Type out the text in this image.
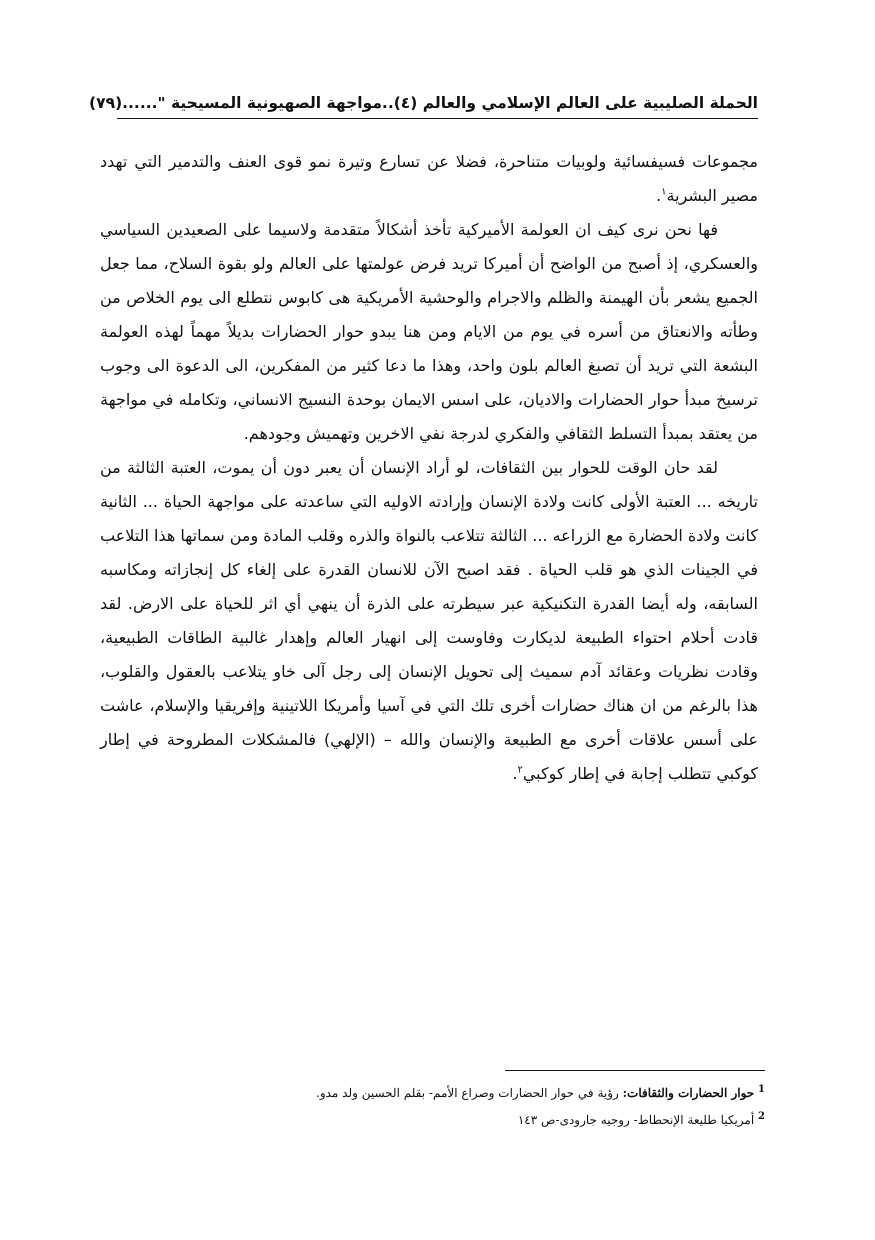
الحملة الصليبية على العالم الإسلامي والعالم (٤)..مواجهة الصهيونية المسيحية "......
(٧٩)

مجموعات فسيفسائية ولوبيات متناحرة، فضلا عن تسارع وتيرة نمو قوى العنف والتدمير التي تهدد مصير البشرية$^١$.

فها نحن نرى كيف ان العولمة الأميركية تأخذ أشكالاً متقدمة ولاسيما على الصعيدين السياسي والعسكري، إذ أصبح من الواضح أن أميركا تريد فرض عولمتها على العالم ولو بقوة السلاح، مما جعل الجميع يشعر بأن الهيمنة والظلم والاجرام والوحشية الأمريكية هى كابوس نتطلع الى يوم الخلاص من وطأته والانعتاق من أسره في يوم من الايام ومن هنا يبدو حوار الحضارات بديلاً مهماً لهذه العولمة البشعة التي تريد أن تصبغ العالم بلون واحد، وهذا ما دعا كثير من المفكرين، الى الدعوة الى وجوب ترسيخ مبدأ حوار الحضارات والاديان، على اسس الايمان بوحدة النسيج الانساني، وتكامله في مواجهة من يعتقد بمبدأ التسلط الثقافي والفكري لدرجة نفي الاخرين وتهميش وجودهم.

لقد حان الوقت للحوار بين الثقافات، لو أراد الإنسان أن يعبر دون أن يموت، العتبة الثالثة من تاريخه ... العتبة الأولى كانت ولادة الإنسان وإرادته الاوليه التي ساعدته على مواجهة الحياة ... الثانية كانت ولادة الحضارة مع الزراعه ... الثالثة تتلاعب بالنواة والذره وقلب المادة ومن سماتها هذا التلاعب في الجينات الذي هو قلب الحياة . فقد اصبح الآن للانسان القدرة على إلغاء كل إنجازاته ومكاسبه السابقه، وله أيضا القدرة التكنيكية عبر سيطرته على الذرة أن ينهي أي اثر للحياة على الارض. لقد قادت أحلام احتواء الطبيعة لديكارت وفاوست إلى انهيار العالم وإهدار غالبية الطاقات الطبيعية، وقادت نظريات وعقائد آدم سميث إلى تحويل الإنسان إلى رجل آلى خاو يتلاعب بالعقول والقلوب، هذا بالرغم من ان هناك حضارات أخرى تلك التي في آسيا وأمريكا اللاتينية وإفريقيا والإسلام، عاشت على أسس علاقات أخرى مع الطبيعة والإنسان والله – (الإلهي) فالمشكلات المطروحة في إطار كوكبي تتطلب إجابة في إطار كوكبي$^٢$.

$^1$ حوار الحضارات والثقافات: رؤية في حوار الحضارات وصراع الأمم- بقلم الحسين ولد مدو.

$^2$ أمريكيا طليعة الإنحطاط- روجيه جارودى-ص ١٤٣
